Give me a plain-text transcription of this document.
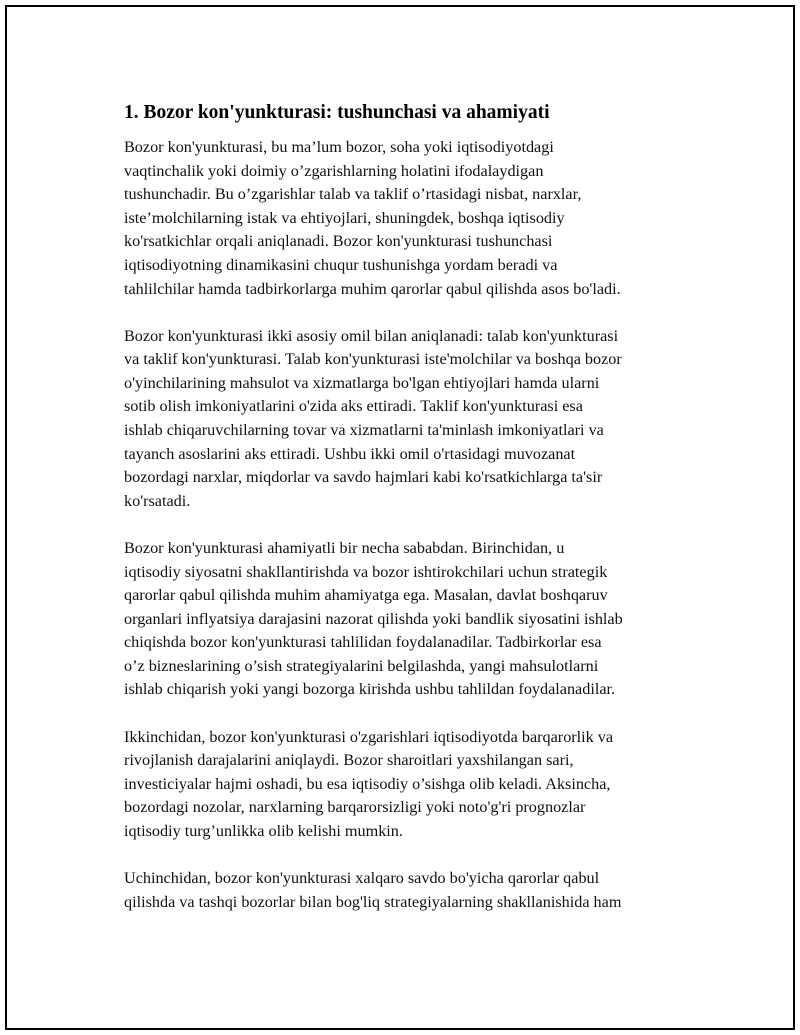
1. Bozor kon'yunkturasi: tushunchasi va ahamiyati
Bozor kon'yunkturasi, bu ma’lum bozor, soha yoki iqtisodiyotdagi
vaqtinchalik yoki doimiy o’zgarishlarning holatini ifodalaydigan
tushunchadir. Bu o’zgarishlar talab va taklif o’rtasidagi nisbat, narxlar,
iste’molchilarning istak va ehtiyojlari, shuningdek, boshqa iqtisodiy
ko'rsatkichlar orqali aniqlanadi. Bozor kon'yunkturasi tushunchasi
iqtisodiyotning dinamikasini chuqur tushunishga yordam beradi va
tahlilchilar hamda tadbirkorlarga muhim qarorlar qabul qilishda asos bo'ladi.
Bozor kon'yunkturasi ikki asosiy omil bilan aniqlanadi: talab kon'yunkturasi
va taklif kon'yunkturasi. Talab kon'yunkturasi iste'molchilar va boshqa bozor
o'yinchilarining mahsulot va xizmatlarga bo'lgan ehtiyojlari hamda ularni
sotib olish imkoniyatlarini o'zida aks ettiradi. Taklif kon'yunkturasi esa
ishlab chiqaruvchilarning tovar va xizmatlarni ta'minlash imkoniyatlari va
tayanch asoslarini aks ettiradi. Ushbu ikki omil o'rtasidagi muvozanat
bozordagi narxlar, miqdorlar va savdo hajmlari kabi ko'rsatkichlarga ta'sir
ko'rsatadi.
Bozor kon'yunkturasi ahamiyatli bir necha sababdan. Birinchidan, u
iqtisodiy siyosatni shakllantirishda va bozor ishtirokchilari uchun strategik
qarorlar qabul qilishda muhim ahamiyatga ega. Masalan, davlat boshqaruv
organlari inflyatsiya darajasini nazorat qilishda yoki bandlik siyosatini ishlab
chiqishda bozor kon'yunkturasi tahlilidan foydalanadilar. Tadbirkorlar esa
o’z bizneslarining o’sish strategiyalarini belgilashda, yangi mahsulotlarni
ishlab chiqarish yoki yangi bozorga kirishda ushbu tahlildan foydalanadilar.
Ikkinchidan, bozor kon'yunkturasi o'zgarishlari iqtisodiyotda barqarorlik va
rivojlanish darajalarini aniqlaydi. Bozor sharoitlari yaxshilangan sari,
investiciyalar hajmi oshadi, bu esa iqtisodiy o’sishga olib keladi. Aksincha,
bozordagi nozolar, narxlarning barqarorsizligi yoki noto'g'ri prognozlar
iqtisodiy turg’unlikka olib kelishi mumkin.
Uchinchidan, bozor kon'yunkturasi xalqaro savdo bo'yicha qarorlar qabul
qilishda va tashqi bozorlar bilan bog'liq strategiyalarning shakllanishida ham
